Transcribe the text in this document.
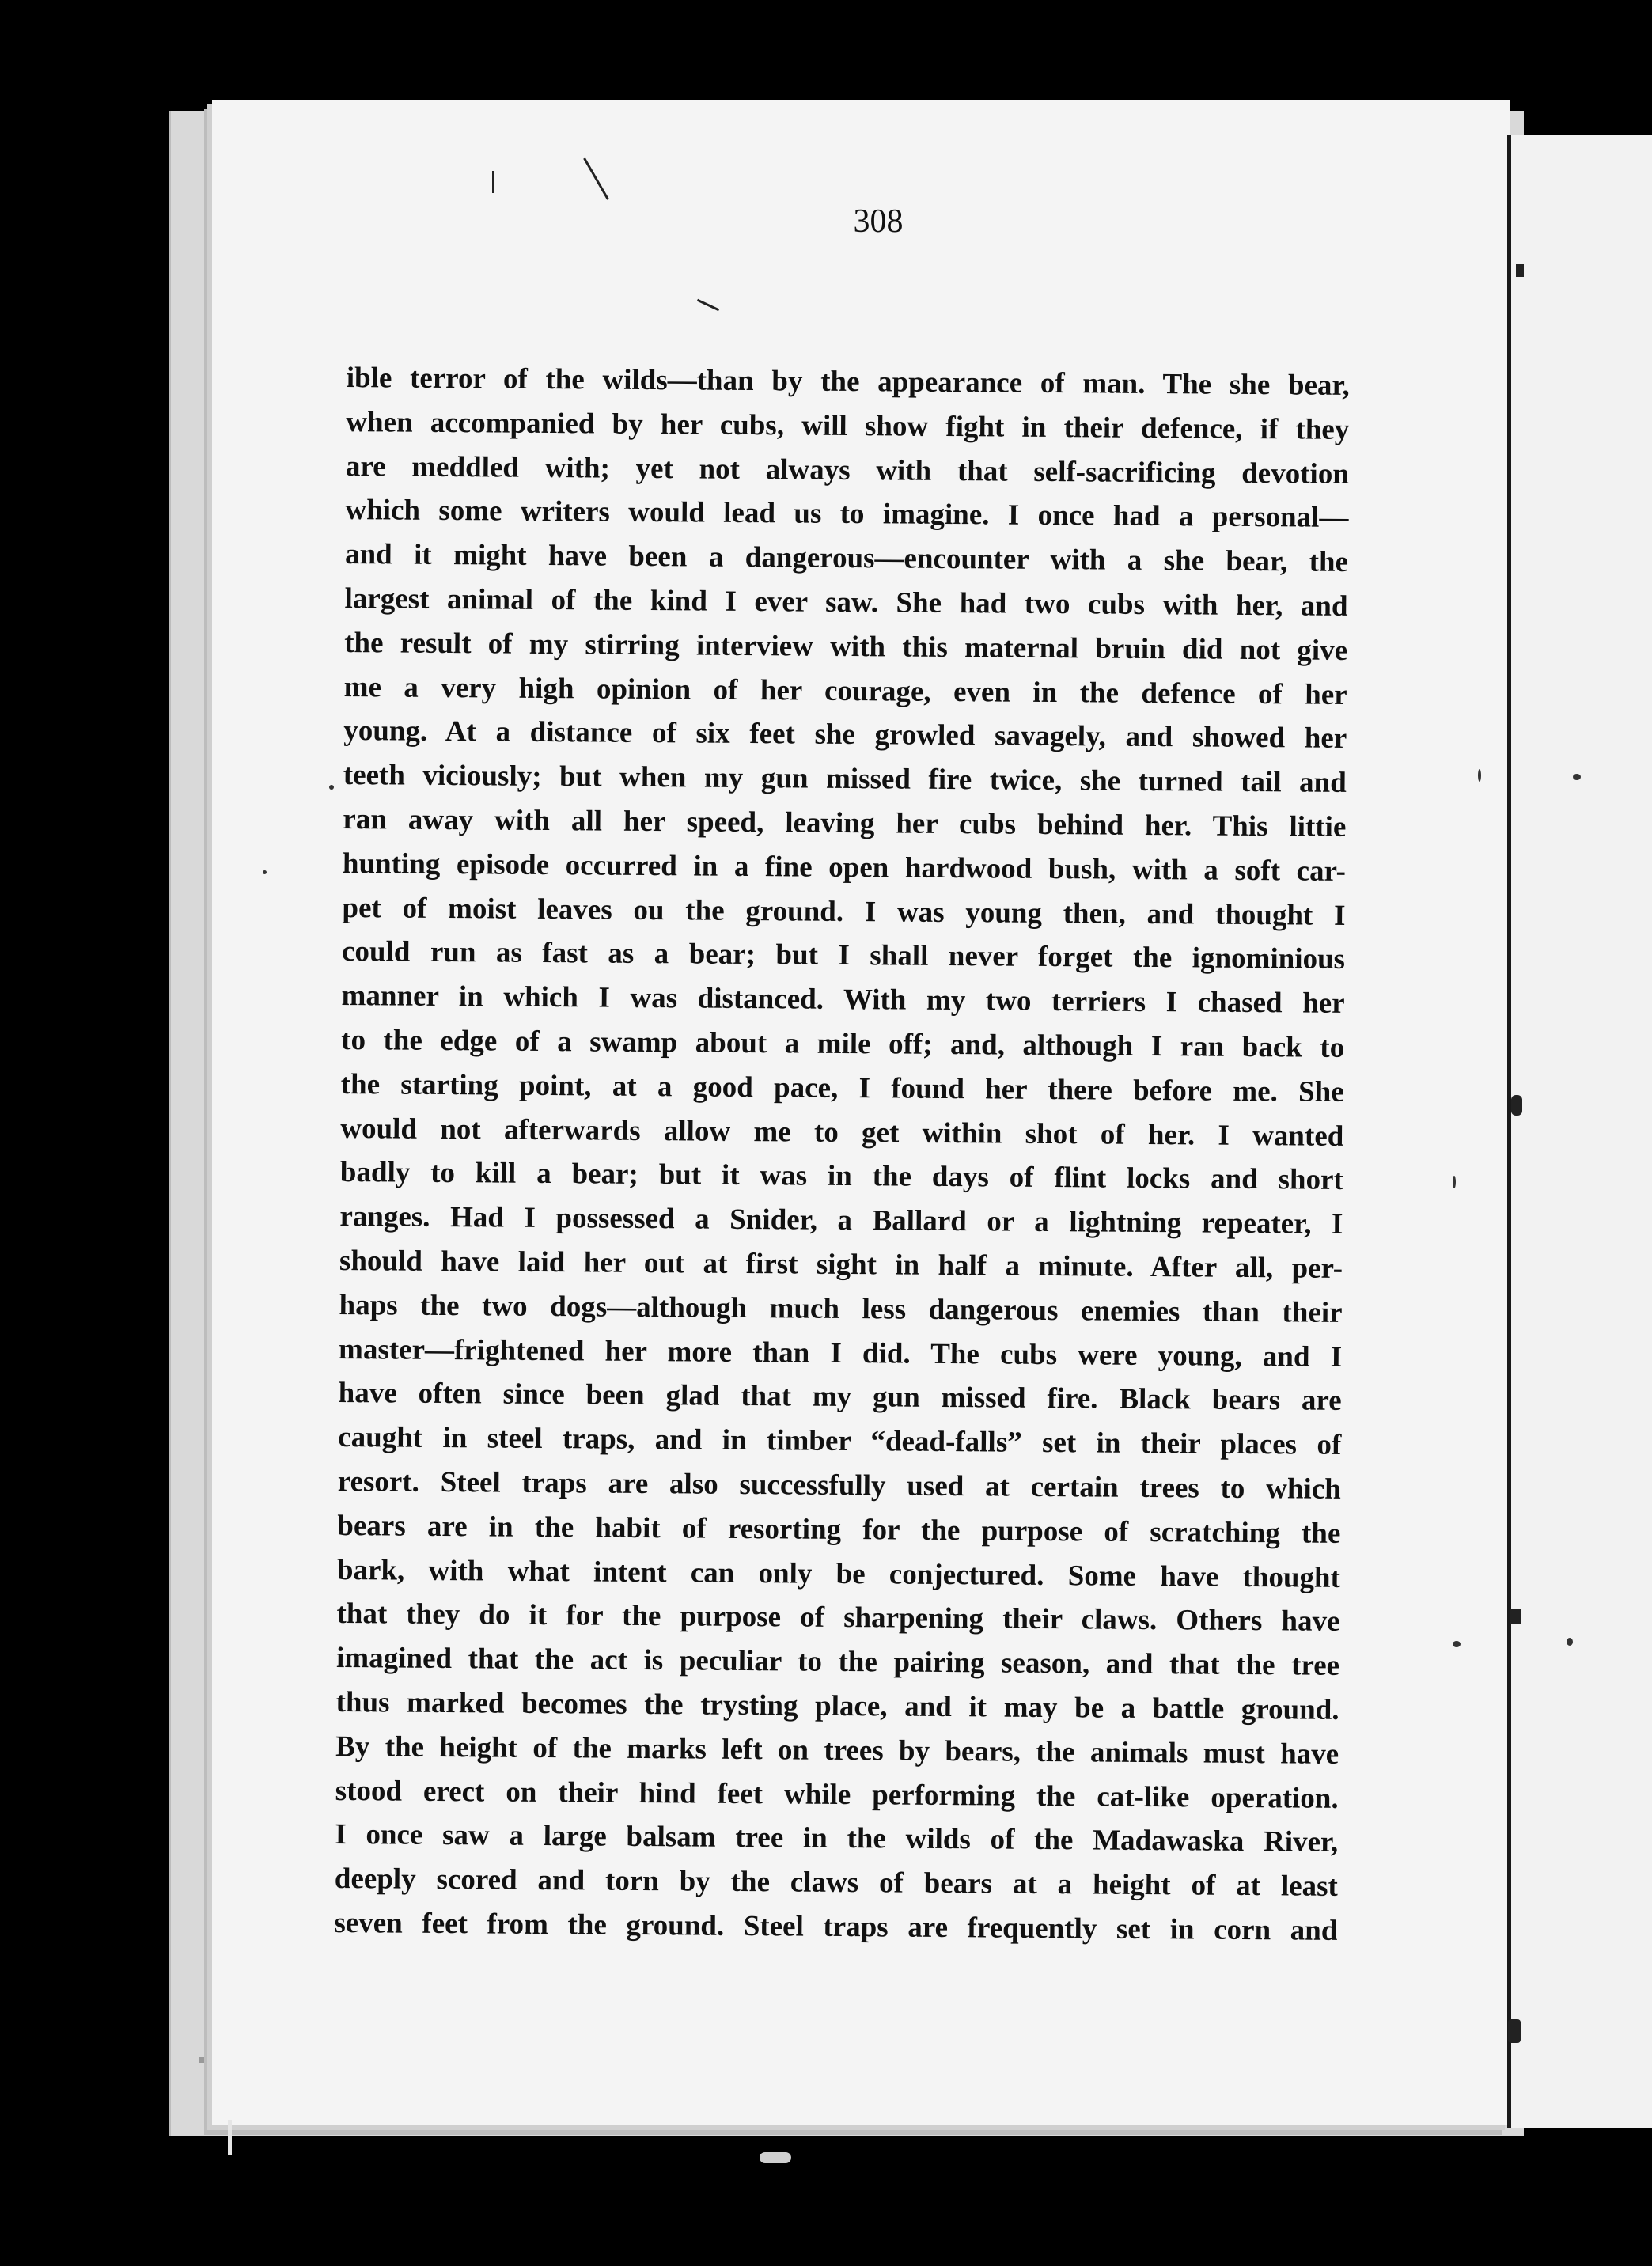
308
ible terror of the wilds—than by the appearance of man. The she bear,
when accompanied by her cubs, will show fight in their defence, if they
are meddled with; yet not always with that self-sacrificing devotion
which some writers would lead us to imagine. I once had a personal—
and it might have been a dangerous—encounter with a she bear, the
largest animal of the kind I ever saw. She had two cubs with her, and
the result of my stirring interview with this maternal bruin did not give
me a very high opinion of her courage, even in the defence of her
young. At a distance of six feet she growled savagely, and showed her
teeth viciously; but when my gun missed fire twice, she turned tail and
ran away with all her speed, leaving her cubs behind her. This littie
hunting episode occurred in a fine open hardwood bush, with a soft car-
pet of moist leaves ou the ground. I was young then, and thought I
could run as fast as a bear; but I shall never forget the ignominious
manner in which I was distanced. With my two terriers I chased her
to the edge of a swamp about a mile off; and, although I ran back to
the starting point, at a good pace, I found her there before me. She
would not afterwards allow me to get within shot of her. I wanted
badly to kill a bear; but it was in the days of flint locks and short
ranges. Had I possessed a Snider, a Ballard or a lightning repeater, I
should have laid her out at first sight in half a minute. After all, per-
haps the two dogs—although much less dangerous enemies than their
master—frightened her more than I did. The cubs were young, and I
have often since been glad that my gun missed fire. Black bears are
caught in steel traps, and in timber “dead-falls” set in their places of
resort. Steel traps are also successfully used at certain trees to which
bears are in the habit of resorting for the purpose of scratching the
bark, with what intent can only be conjectured. Some have thought
that they do it for the purpose of sharpening their claws. Others have
imagined that the act is peculiar to the pairing season, and that the tree
thus marked becomes the trysting place, and it may be a battle ground.
By the height of the marks left on trees by bears, the animals must have
stood erect on their hind feet while performing the cat-like operation.
I once saw a large balsam tree in the wilds of the Madawaska River,
deeply scored and torn by the claws of bears at a height of at least
seven feet from the ground. Steel traps are frequently set in corn and
